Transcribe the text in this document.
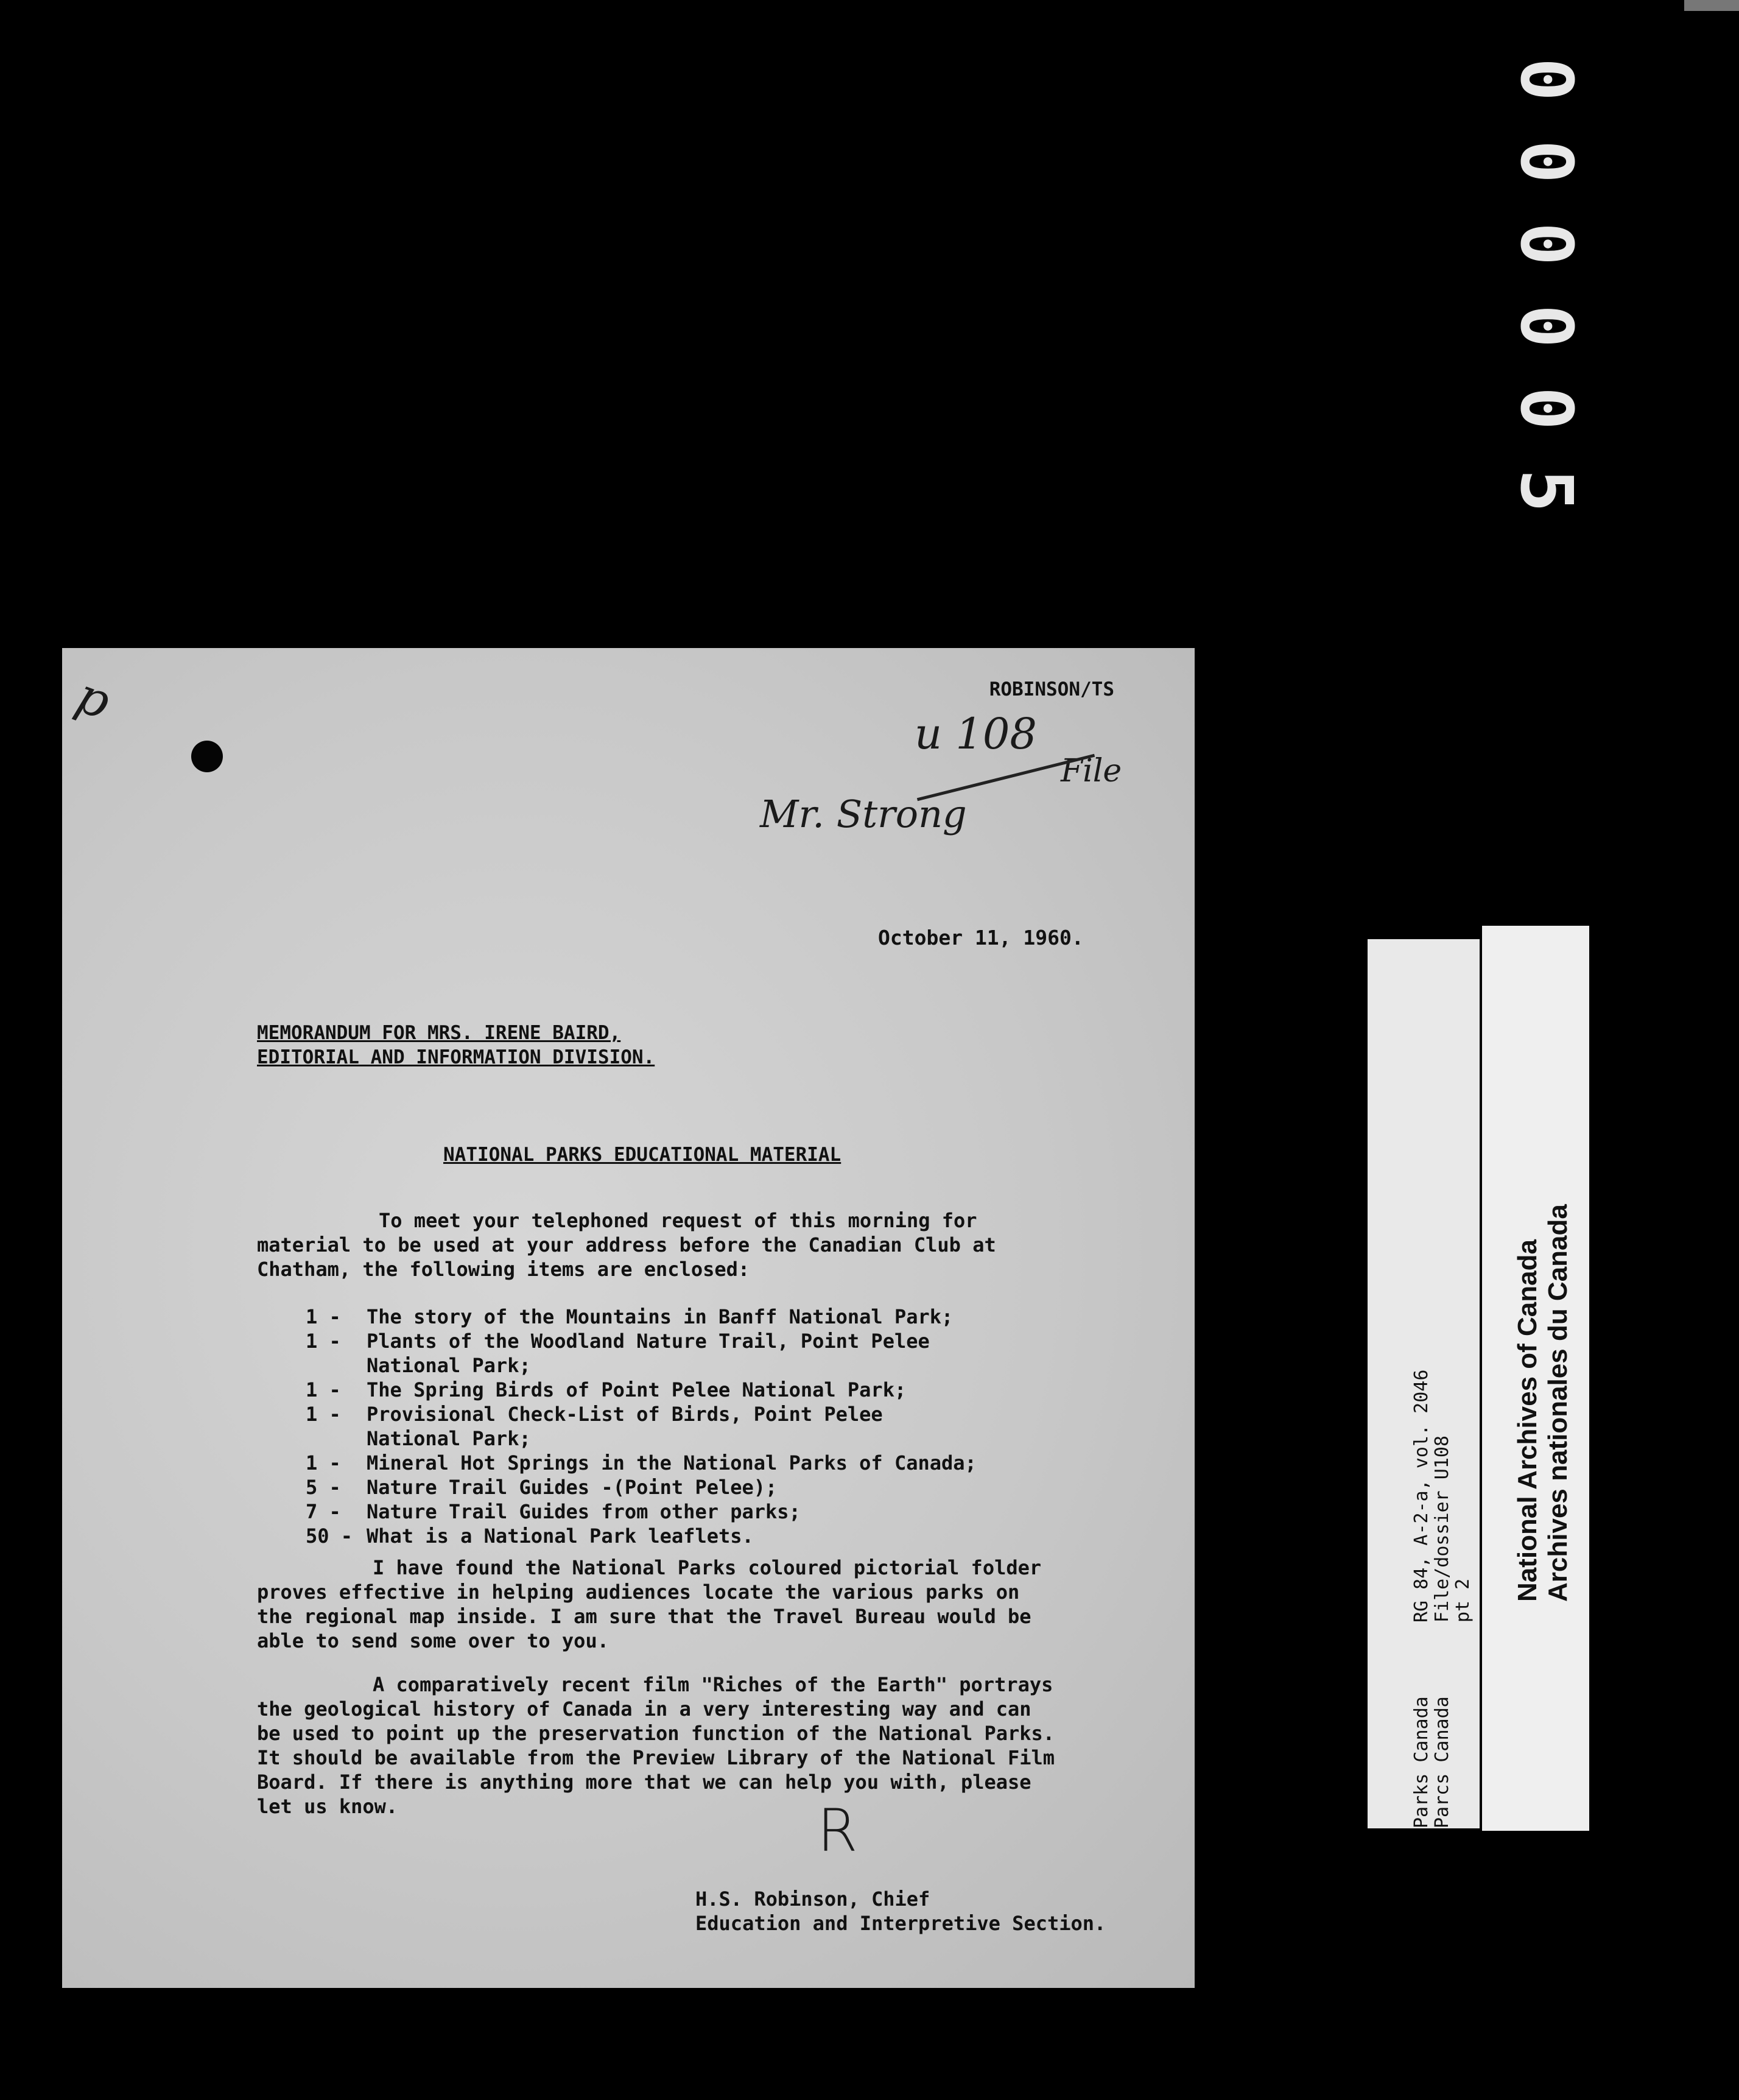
000005
p	ROBINSON/TS
u 108
File
Mr. Strong
October 11, 1960.
MEMORANDUM FOR MRS. IRENE BAIRD,
EDITORIAL AND INFORMATION DIVISION.
NATIONAL PARKS EDUCATIONAL MATERIAL
To meet your telephoned request of this morning for
material to be used at your address before the Canadian Club at
Chatham, the following items are enclosed:
1 -	The story of the Mountains in Banff National Park;
1 -	Plants of the Woodland Nature Trail, Point Pelee
National Park;
1 -	The Spring Birds of Point Pelee National Park;
1 -	Provisional Check-List of Birds, Point Pelee
National Park;
1 -	Mineral Hot Springs in the National Parks of Canada;
5 -	Nature Trail Guides -(Point Pelee);
7 -	Nature Trail Guides from other parks;
50 - What is a National Park leaflets.
I have found the National Parks coloured pictorial folder
proves effective in helping audiences locate the various parks on
the regional map inside. I am sure that the Travel Bureau would be
able to send some over to you.
A comparatively recent film "Riches of the Earth" portrays
the geological history of Canada in a very interesting way and can
be used to point up the preservation function of the National Parks.
It should be available from the Preview Library of the National Film
Board. If there is anything more that we can help you with, please
let us know.	R
H.S. Robinson, Chief
Education and Interpretive Section.
RG 84, A-2-a, vol. 2046 File/dossier U108 pt 2
Parks Canada Parcs Canada
National Archives of Canada Archives nationales du Canada
